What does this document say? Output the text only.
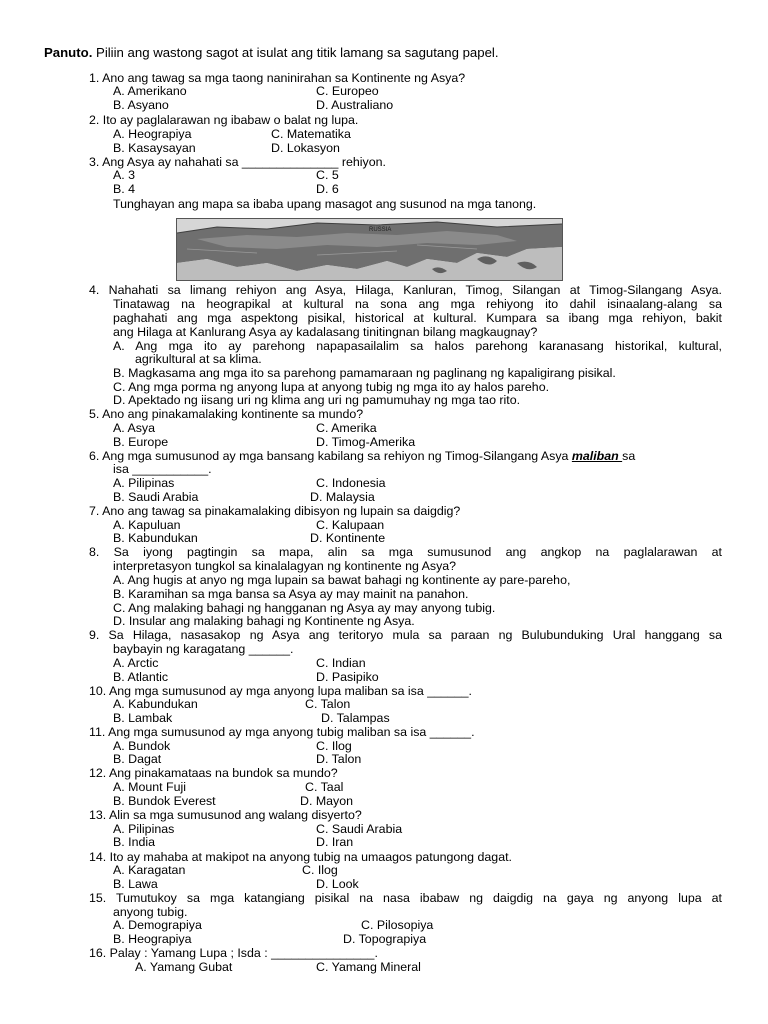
Panuto. Piliin ang wastong sagot at isulat ang titik lamang sa sagutang papel.
1. Ano ang tawag sa mga taong naninirahan sa Kontinente ng Asya?
A. Amerikano	C. Europeo
B. Asyano	D. Australiano
2. Ito ay paglalarawan ng ibabaw o balat ng lupa.
A. Heograpiya	C. Matematika
B. Kasaysayan	D. Lokasyon
3. Ang Asya ay nahahati sa ______________ rehiyon.
A. 3	C. 5
B. 4	D. 6
Tunghayan ang mapa sa ibaba upang masagot ang susunod na mga tanong.
RUSSIA
4. Nahahati sa limang rehiyon ang Asya, Hilaga, Kanluran, Timog, Silangan at Timog-Silangang Asya.
Tinatawag na heograpikal at kultural na sona ang mga rehiyong ito dahil isinaalang-alang sa
paghahati ang mga aspektong pisikal, historical at kultural. Kumpara sa ibang mga rehiyon, bakit
ang Hilaga at Kanlurang Asya ay kadalasang tinitingnan bilang magkaugnay?
A. Ang mga ito ay parehong napapasailalim sa halos parehong karanasang historikal, kultural,
agrikultural at sa klima.
B. Magkasama ang mga ito sa parehong pamamaraan ng paglinang ng kapaligirang pisikal.
C. Ang mga porma ng anyong lupa at anyong tubig ng mga ito ay halos pareho.
D. Apektado ng iisang uri ng klima ang uri ng pamumuhay ng mga tao rito.
5. Ano ang pinakamalaking kontinente sa mundo?
A. Asya	C. Amerika
B. Europe	D. Timog-Amerika
6. Ang mga sumusunod ay mga bansang kabilang sa rehiyon ng Timog-Silangang Asya maliban sa
isa ___________.
A. Pilipinas	C. Indonesia
B. Saudi Arabia	D. Malaysia
7. Ano ang tawag sa pinakamalaking dibisyon ng lupain sa daigdig?
A. Kapuluan	C. Kalupaan
B. Kabundukan	D. Kontinente
8. Sa iyong pagtingin sa mapa, alin sa mga sumusunod ang angkop na paglalarawan at
interpretasyon tungkol sa kinalalagyan ng kontinente ng Asya?
A. Ang hugis at anyo ng mga lupain sa bawat bahagi ng kontinente ay pare-pareho,
B. Karamihan sa mga bansa sa Asya ay may mainit na panahon.
C. Ang malaking bahagi ng hangganan ng Asya ay may anyong tubig.
D. Insular ang malaking bahagi ng Kontinente ng Asya.
9. Sa Hilaga, nasasakop ng Asya ang teritoryo mula sa paraan ng Bulubunduking Ural hanggang sa
baybayin ng karagatang ______.
A. Arctic	C. Indian
B. Atlantic	D. Pasipiko
10. Ang mga sumusunod ay mga anyong lupa maliban sa isa ______.
A. Kabundukan	C. Talon
B. Lambak	D. Talampas
11. Ang mga sumusunod ay mga anyong tubig maliban sa isa ______.
A. Bundok	C. Ilog
B. Dagat	D. Talon
12. Ang pinakamataas na bundok sa mundo?
A. Mount Fuji	C. Taal
B. Bundok Everest	D. Mayon
13. Alin sa mga sumusunod ang walang disyerto?
A. Pilipinas	C. Saudi Arabia
B. India	D. Iran
14. Ito ay mahaba at makipot na anyong tubig na umaagos patungong dagat.
A. Karagatan	C. Ilog
B. Lawa	D. Look
15. Tumutukoy sa mga katangiang pisikal na nasa ibabaw ng daigdig na gaya ng anyong lupa at
anyong tubig.
A. Demograpiya	C. Pilosopiya
B. Heograpiya	D. Topograpiya
16. Palay : Yamang Lupa ; Isda : _______________.
A. Yamang Gubat	C. Yamang Mineral
